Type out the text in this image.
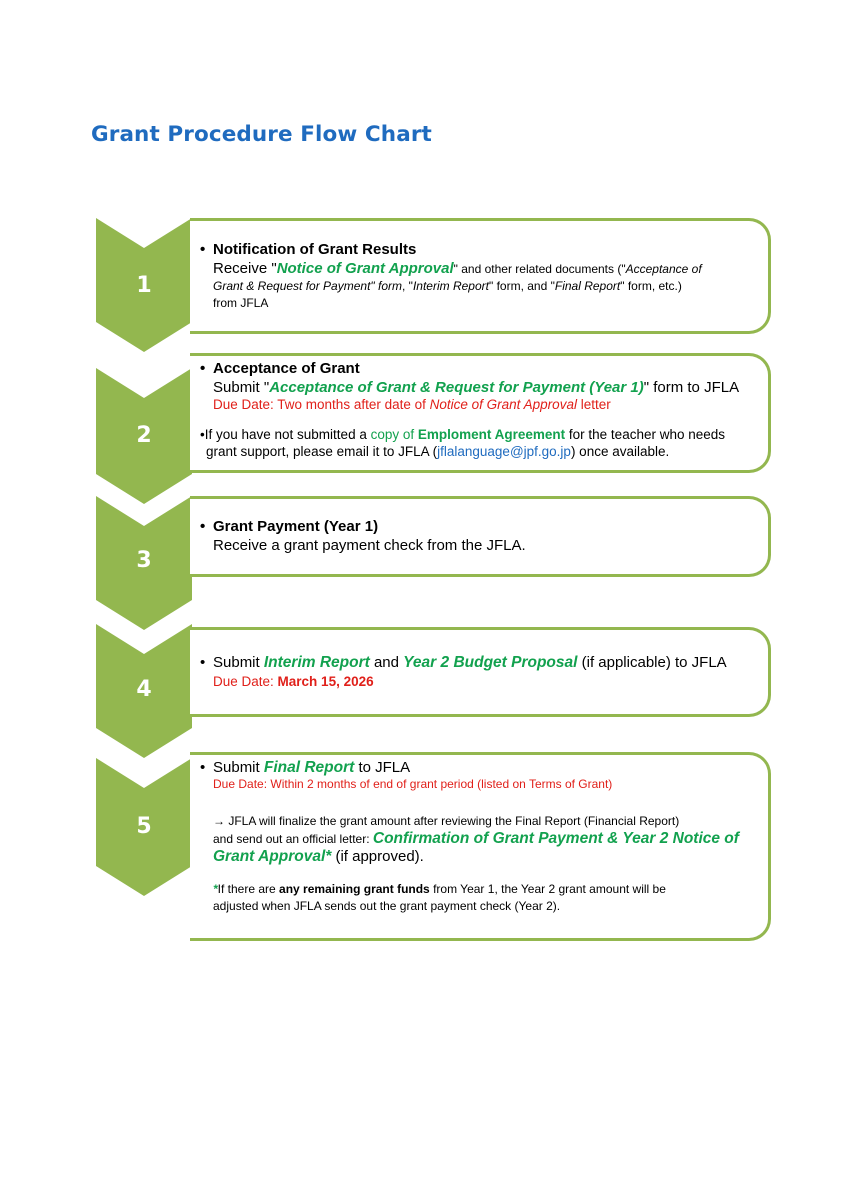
Grant Procedure Flow Chart
1
2
3
4
5
• Notification of Grant Results
Receive "Notice of Grant Approval" and other related documents ("Acceptance of
Grant & Request for Payment" form, "Interim Report" form, and "Final Report" form, etc.)
from JFLA
• Acceptance of Grant
Submit "Acceptance of Grant & Request for Payment (Year 1)" form to JFLA
Due Date: Two months after date of Notice of Grant Approval letter
•If you have not submitted a copy of Emploment Agreement for the teacher who needs
grant support, please email it to JFLA (jflalanguage@jpf.go.jp) once available.
• Grant Payment (Year 1)
Receive a grant payment check from the JFLA.
• Submit Interim Report and Year 2 Budget Proposal (if applicable) to JFLA
Due Date: March 15, 2026
• Submit Final Report to JFLA
Due Date: Within 2 months of end of grant period (listed on Terms of Grant)
→ JFLA will finalize the grant amount after reviewing the Final Report (Financial Report)
and send out an official letter: Confirmation of Grant Payment & Year 2 Notice of
Grant Approval* (if approved).
*If there are any remaining grant funds from Year 1, the Year 2 grant amount will be
adjusted when JFLA sends out the grant payment check (Year 2).
